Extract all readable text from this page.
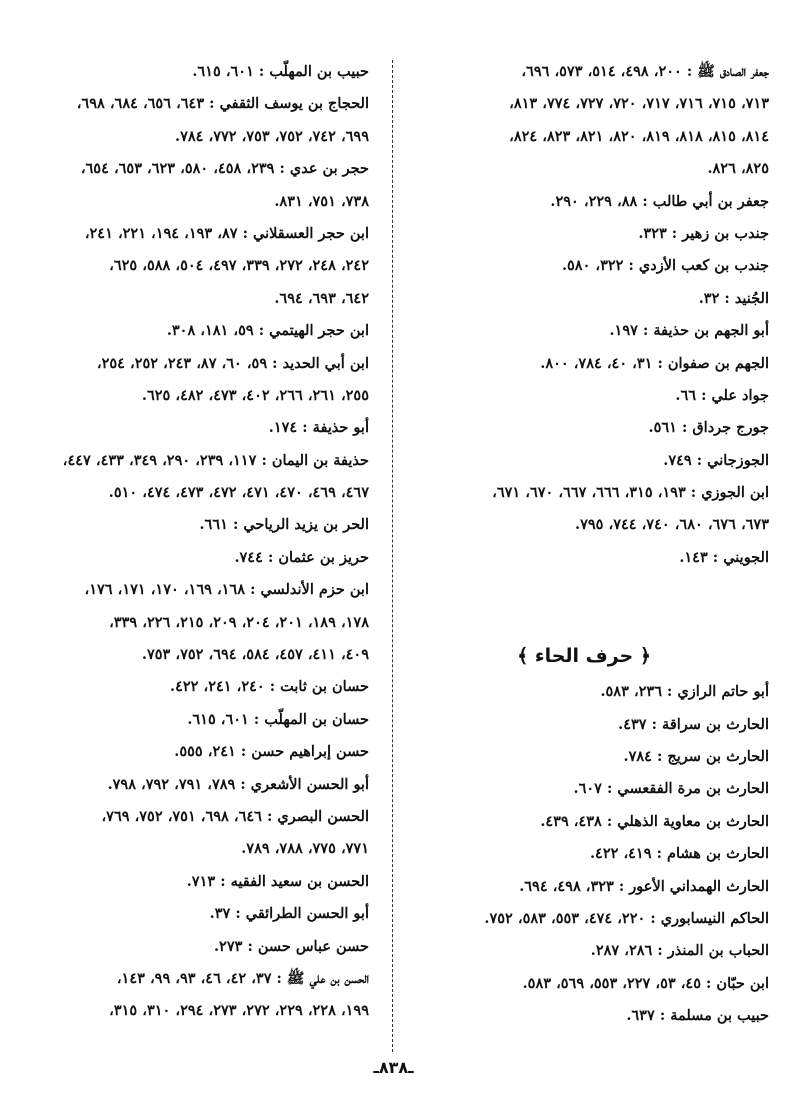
جعفر الصادق ﷺ : ٢٠٠، ٤٩٨، ٥١٤، ٥٧٣، ٦٩٦،
٧١٣، ٧١٥، ٧١٦، ٧١٧، ٧٢٠، ٧٢٧، ٧٧٤، ٨١٣،
٨١٤، ٨١٥، ٨١٨، ٨١٩، ٨٢٠، ٨٢١، ٨٢٣، ٨٢٤،
٨٢٥، ٨٢٦.
جعفر بن أبي طالب : ٨٨، ٢٢٩، ٢٩٠.
جندب بن زهير : ٣٢٣.
جندب بن كعب الأزدي : ٣٢٢، ٥٨٠.
الجُنيد : ٣٢.
أبو الجهم بن حذيفة : ١٩٧.
الجهم بن صفوان : ٣١، ٤٠، ٧٨٤، ٨٠٠.
جواد علي : ٦٦.
جورج جرداق : ٥٦١.
الجوزجاني : ٧٤٩.
ابن الجوزي : ١٩٣، ٣١٥، ٦٦٦، ٦٦٧، ٦٧٠، ٦٧١،
٦٧٣، ٦٧٦، ٦٨٠، ٧٤٠، ٧٤٤، ٧٩٥.
الجويني : ١٤٣.
﴿ حرف الحاء ﴾
أبو حاتم الرازي : ٢٣٦، ٥٨٣.
الحارث بن سراقة : ٤٣٧.
الحارث بن سريج : ٧٨٤.
الحارث بن مرة الفقعسي : ٦٠٧.
الحارث بن معاوية الذهلي : ٤٣٨، ٤٣٩.
الحارث بن هشام : ٤١٩، ٤٢٢.
الحارث الهمداني الأعور : ٣٢٣، ٤٩٨، ٦٩٤.
الحاكم النيسابوري : ٢٢٠، ٤٧٤، ٥٥٣، ٥٨٣، ٧٥٢.
الحباب بن المنذر : ٢٨٦، ٢٨٧.
ابن حبّان : ٤٥، ٥٣، ٢٢٧، ٥٥٣، ٥٦٩، ٥٨٣.
حبيب بن مسلمة : ٦٣٧.
حبيب بن المهلّب : ٦٠١، ٦١٥.
الحجاج بن يوسف الثقفي : ٦٤٣، ٦٥٦، ٦٨٤، ٦٩٨،
٦٩٩، ٧٤٢، ٧٥٢، ٧٥٣، ٧٧٢، ٧٨٤.
حجر بن عدي : ٢٣٩، ٤٥٨، ٥٨٠، ٦٢٣، ٦٥٣، ٦٥٤،
٧٣٨، ٧٥١، ٨٣١.
ابن حجر العسقلاني : ٨٧، ١٩٣، ١٩٤، ٢٢١، ٢٤١،
٢٤٢، ٢٤٨، ٢٧٢، ٣٣٩، ٤٩٧، ٥٠٤، ٥٨٨، ٦٢٥،
٦٤٢، ٦٩٣، ٦٩٤.
ابن حجر الهيتمي : ٥٩، ١٨١، ٣٠٨.
ابن أبي الحديد : ٥٩، ٦٠، ٨٧، ٢٤٣، ٢٥٢، ٢٥٤،
٢٥٥، ٢٦١، ٢٦٦، ٤٠٢، ٤٧٣، ٤٨٢، ٦٢٥.
أبو حذيفة : ١٧٤.
حذيفة بن اليمان : ١١٧، ٢٣٩، ٢٩٠، ٣٤٩، ٤٣٣، ٤٤٧،
٤٦٧، ٤٦٩، ٤٧٠، ٤٧١، ٤٧٢، ٤٧٣، ٤٧٤، ٥١٠.
الحر بن يزيد الرياحي : ٦٦١.
حريز بن عثمان : ٧٤٤.
ابن حزم الأندلسي : ١٦٨، ١٦٩، ١٧٠، ١٧١، ١٧٦،
١٧٨، ١٨٩، ٢٠١، ٢٠٤، ٢٠٩، ٢١٥، ٢٢٦، ٣٣٩،
٤٠٩، ٤١١، ٤٥٧، ٥٨٤، ٦٩٤، ٧٥٢، ٧٥٣.
حسان بن ثابت : ٢٤٠، ٢٤١، ٤٢٢.
حسان بن المهلّب : ٦٠١، ٦١٥.
حسن إبراهيم حسن : ٢٤١، ٥٥٥.
أبو الحسن الأشعري : ٧٨٩، ٧٩١، ٧٩٢، ٧٩٨.
الحسن البصري : ٦٤٦، ٦٩٨، ٧٥١، ٧٥٢، ٧٦٩،
٧٧١، ٧٧٥، ٧٨٨، ٧٨٩.
الحسن بن سعيد الفقيه : ٧١٣.
أبو الحسن الطرائقي : ٣٧.
حسن عباس حسن : ٢٧٣.
الحسن بن علي ﷺ : ٣٧، ٤٢، ٤٦، ٩٣، ٩٩، ١٤٣،
١٩٩، ٢٢٨، ٢٢٩، ٢٧٢، ٢٧٣، ٢٩٤، ٣١٠، ٣١٥،
ـ٨٣٨ـ
